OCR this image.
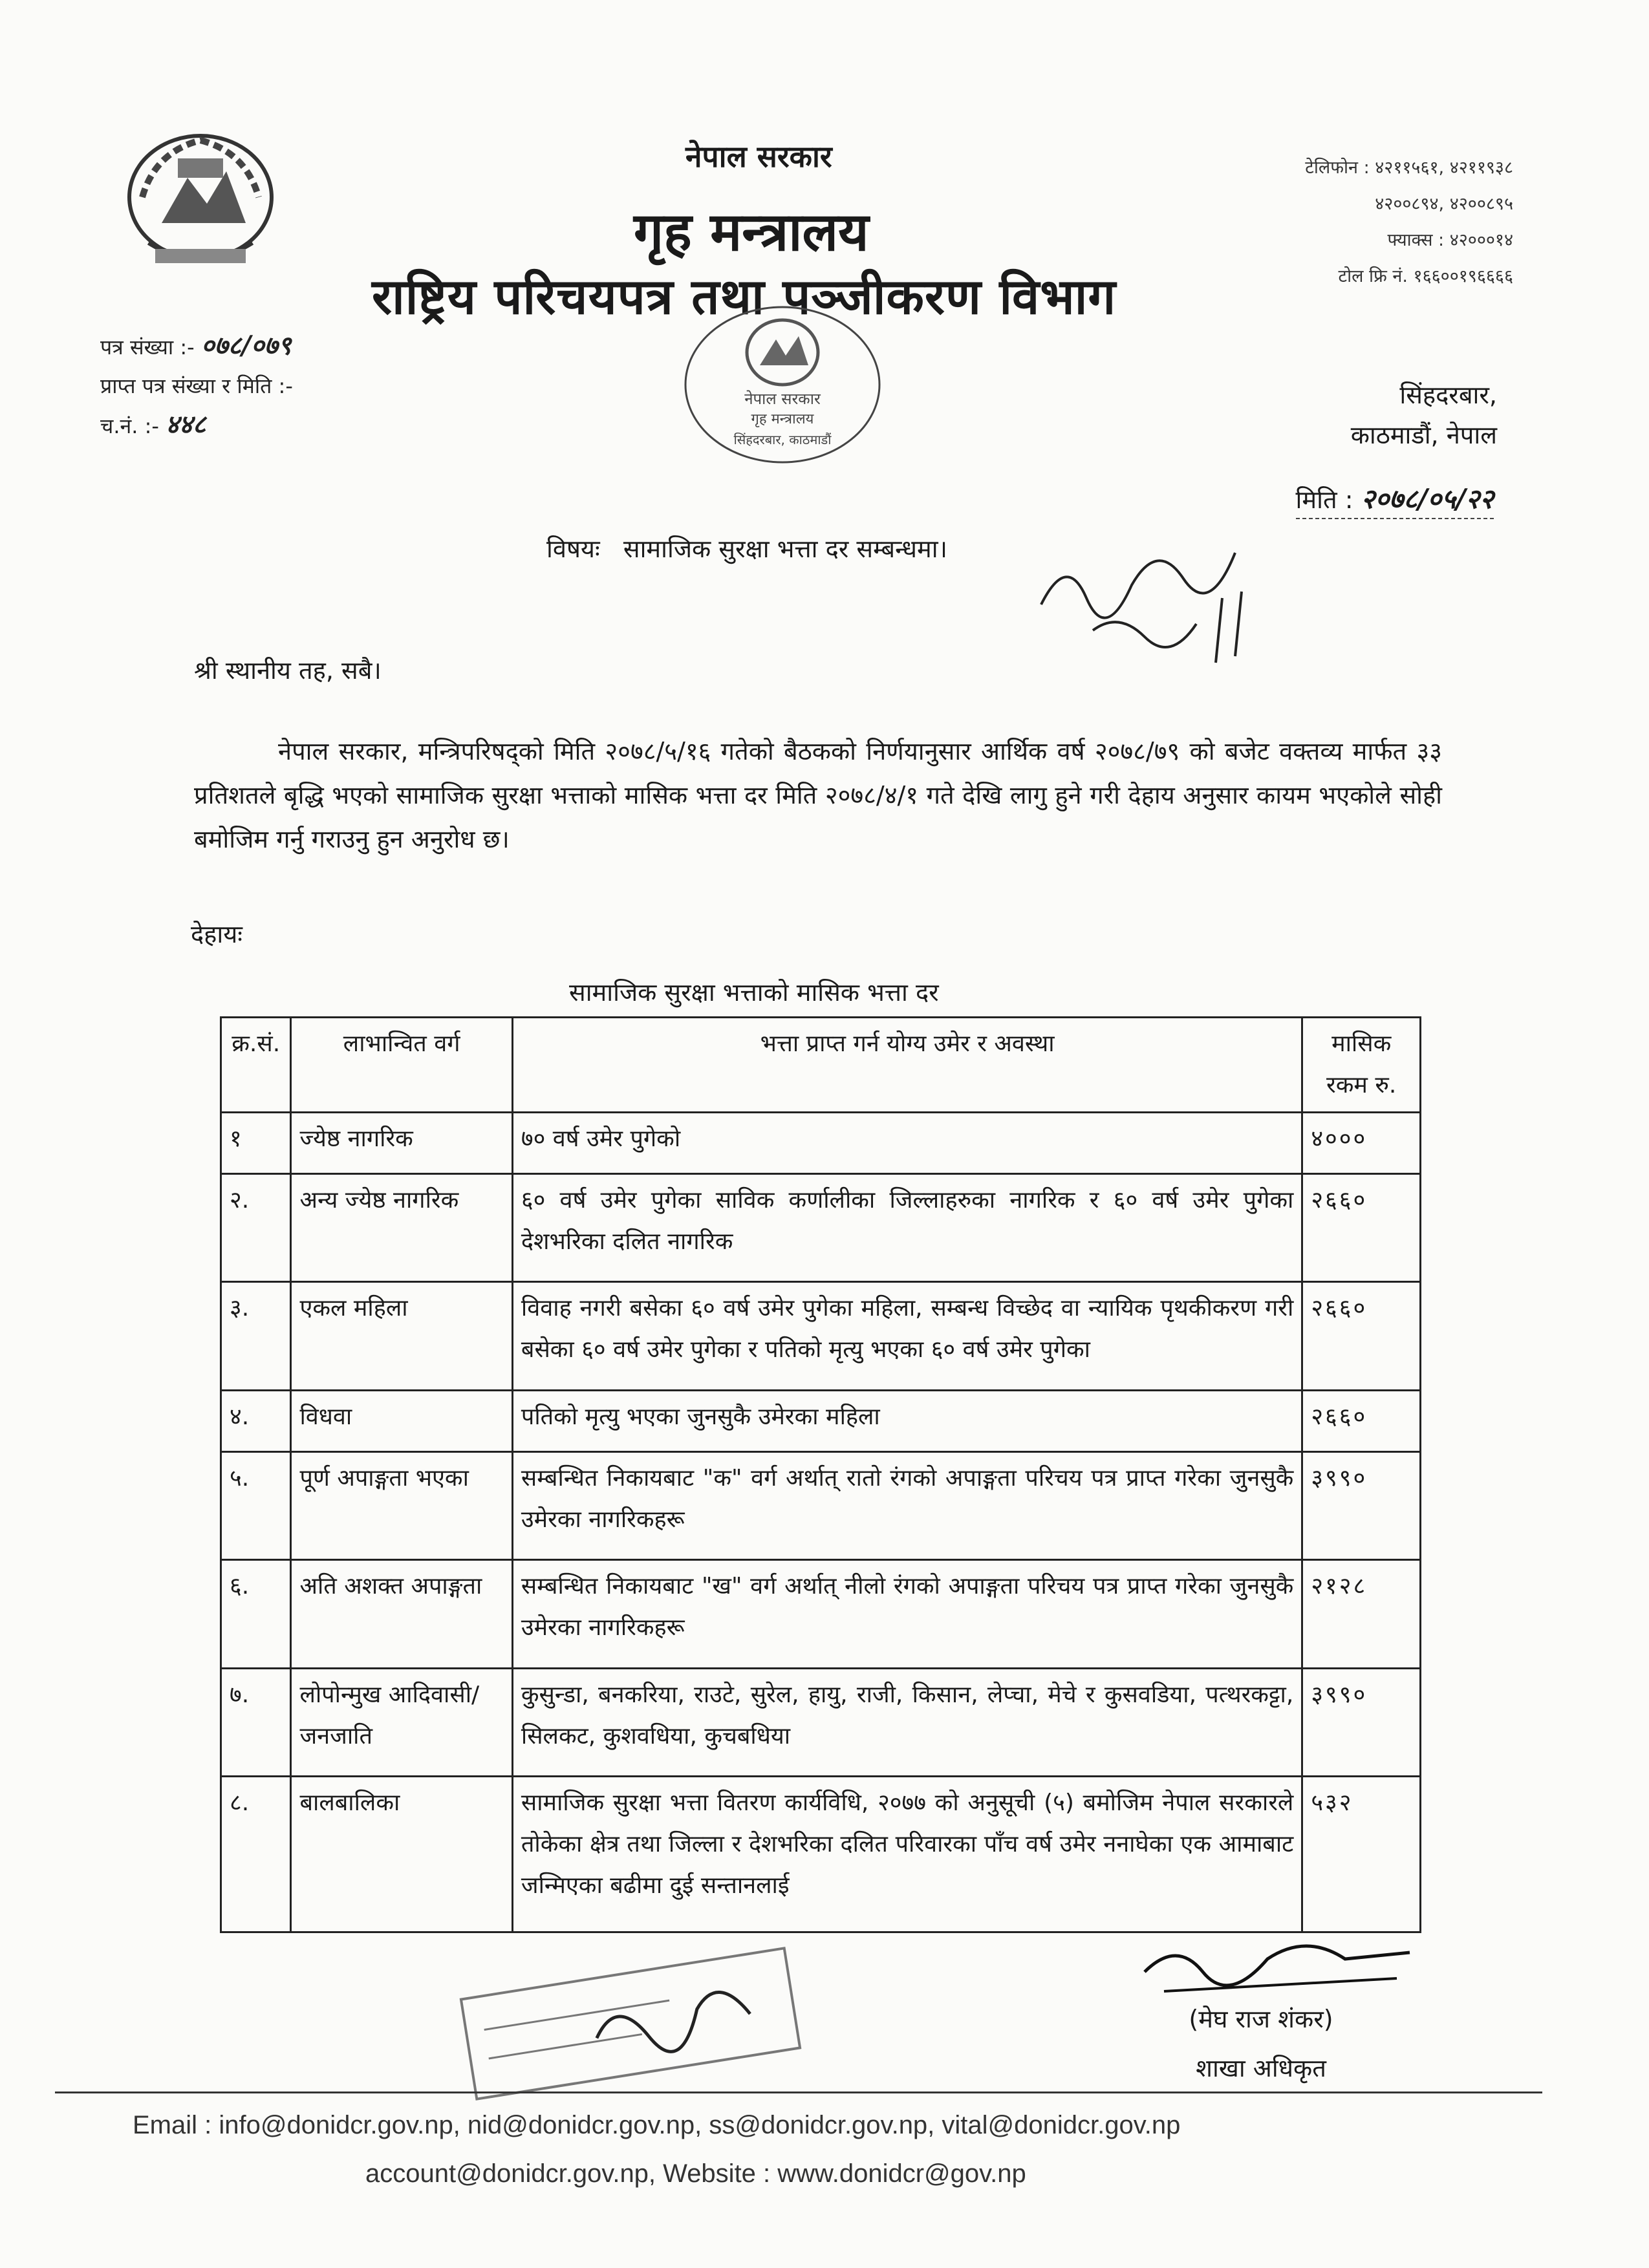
नेपाल सरकार
गृह मन्त्रालय
राष्ट्रिय परिचयपत्र तथा पञ्जीकरण विभाग
टेलिफोन : ४२११५६१, ४२११९३८
४२००८९४, ४२००८९५
फ्याक्स : ४२०००१४
टोल फ्रि नं. १६६००१९६६६६
नेपाल सरकार
गृह मन्त्रालय
सिंहदरबार, काठमाडौं
पत्र संख्या :- ०७८/०७९
प्राप्त पत्र संख्या र मिति :-
च.नं. :- ४४८
सिंहदरबार,
काठमाडौं, नेपाल
मिति : २०७८/०५/२२
विषयः सामाजिक सुरक्षा भत्ता दर सम्बन्धमा।
श्री स्थानीय तह, सबै।
नेपाल सरकार, मन्त्रिपरिषद्को मिति २०७८/५/१६ गतेको बैठकको निर्णयानुसार आर्थिक वर्ष २०७८/७९ को बजेट वक्तव्य मार्फत ३३ प्रतिशतले बृद्धि भएको सामाजिक सुरक्षा भत्ताको मासिक भत्ता दर मिति २०७८/४/१ गते देखि लागु हुने गरी देहाय अनुसार कायम भएकोले सोही बमोजिम गर्नु गराउनु हुन अनुरोध छ।
देहायः
सामाजिक सुरक्षा भत्ताको मासिक भत्ता दर
क्र.सं.	लाभान्वित वर्ग	भत्ता प्राप्त गर्न योग्य उमेर र अवस्था	मासिक रकम रु.
१	ज्येष्ठ नागरिक	७० वर्ष उमेर पुगेको	४०००
२.	अन्य ज्येष्ठ नागरिक	६० वर्ष उमेर पुगेका साविक कर्णालीका जिल्लाहरुका नागरिक र ६० वर्ष उमेर पुगेका देशभरिका दलित नागरिक	२६६०
३.	एकल महिला	विवाह नगरी बसेका ६० वर्ष उमेर पुगेका महिला, सम्बन्ध विच्छेद वा न्यायिक पृथकीकरण गरी बसेका ६० वर्ष उमेर पुगेका र पतिको मृत्यु भएका ६० वर्ष उमेर पुगेका	२६६०
४.	विधवा	पतिको मृत्यु भएका जुनसुकै उमेरका महिला	२६६०
५.	पूर्ण अपाङ्गता भएका	सम्बन्धित निकायबाट "क" वर्ग अर्थात् रातो रंगको अपाङ्गता परिचय पत्र प्राप्त गरेका जुनसुकै उमेरका नागरिकहरू	३९९०
६.	अति अशक्त अपाङ्गता	सम्बन्धित निकायबाट "ख" वर्ग अर्थात् नीलो रंगको अपाङ्गता परिचय पत्र प्राप्त गरेका जुनसुकै उमेरका नागरिकहरू	२१२८
७.	लोपोन्मुख आदिवासी/ जनजाति	कुसुन्डा, बनकरिया, राउटे, सुरेल, हायु, राजी, किसान, लेप्चा, मेचे र कुसवडिया, पत्थरकट्टा, सिलकट, कुशवधिया, कुचबधिया	३९९०
८.	बालबालिका	सामाजिक सुरक्षा भत्ता वितरण कार्यविधि, २०७७ को अनुसूची (५) बमोजिम नेपाल सरकारले तोकेका क्षेत्र तथा जिल्ला र देशभरिका दलित परिवारका पाँच वर्ष उमेर ननाघेका एक आमाबाट जन्मिएका बढीमा दुई सन्तानलाई	५३२
(मेघ राज शंकर)
शाखा अधिकृत
Email : info@donidcr.gov.np, nid@donidcr.gov.np, ss@donidcr.gov.np, vital@donidcr.gov.np
account@donidcr.gov.np, Website : www.donidcr@gov.np
